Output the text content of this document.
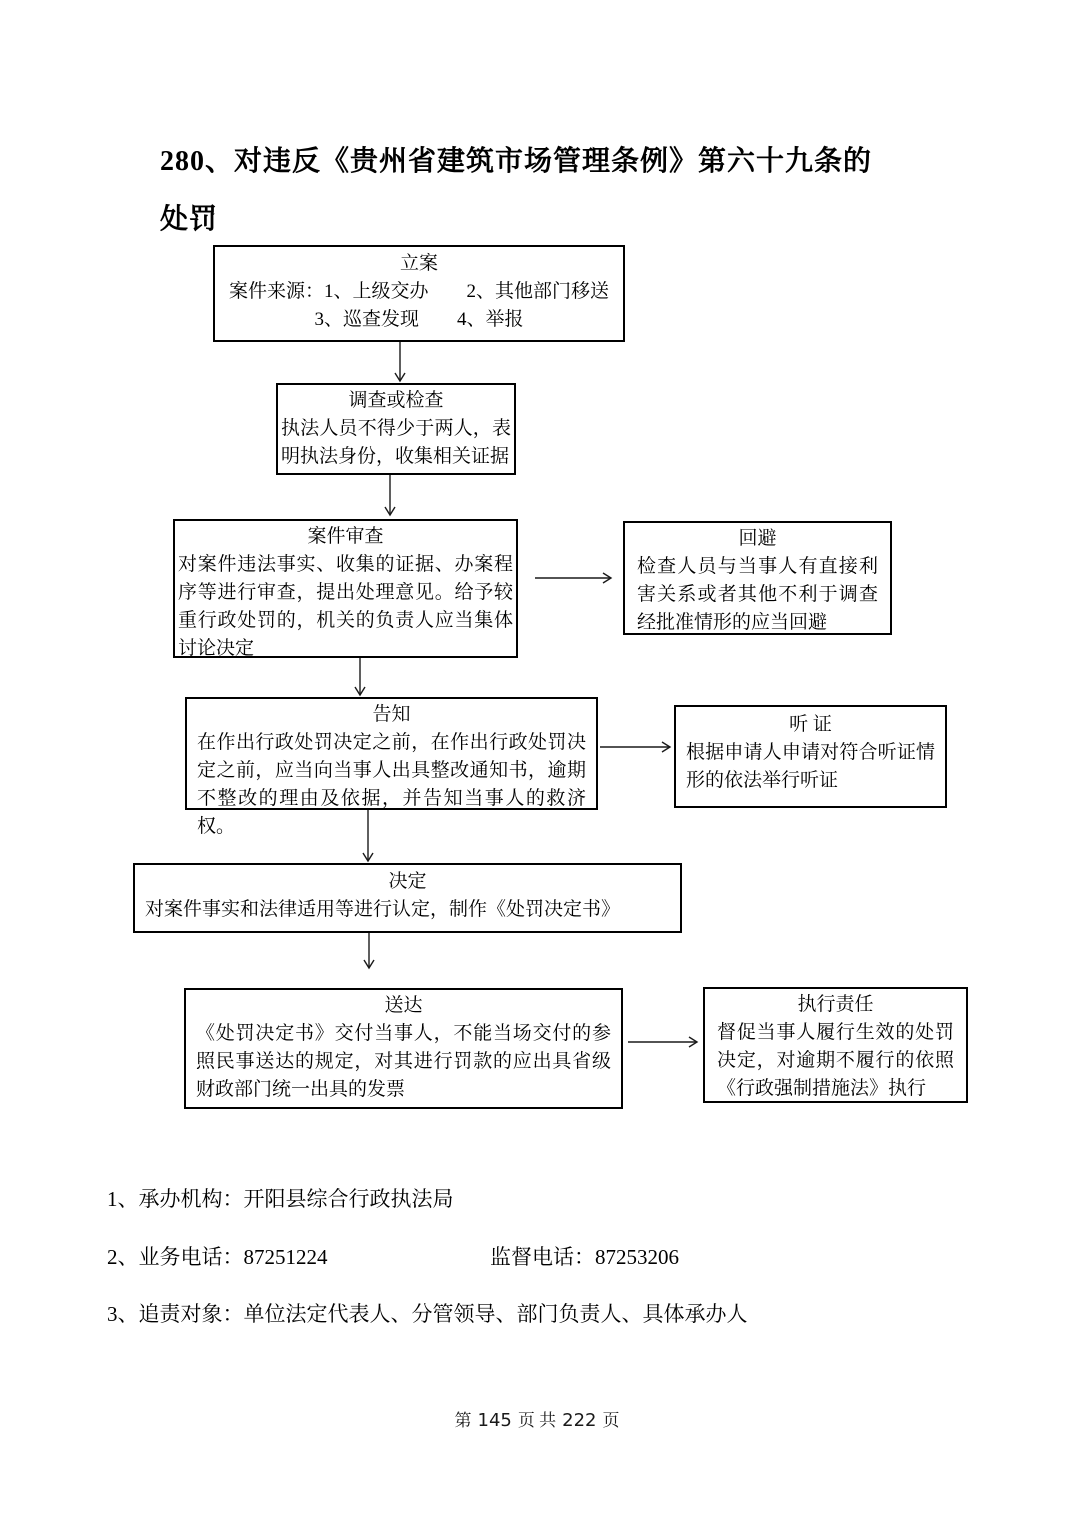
280、对违反《贵州省建筑市场管理条例》第六十九条的处罚
立案
案件来源：1、上级交办　　2、其他部门移送
3、巡查发现　　4、举报
调查或检查
执法人员不得少于两人，表明执法身份，收集相关证据
案件审查
对案件违法事实、收集的证据、办案程序等进行审查，提出处理意见。给予较重行政处罚的，机关的负责人应当集体讨论决定
回避
检查人员与当事人有直接利害关系或者其他不利于调查经批准情形的应当回避
告知
在作出行政处罚决定之前，在作出行政处罚决定之前，应当向当事人出具整改通知书，逾期不整改的理由及依据，并告知当事人的救济权。
听 证
根据申请人申请对符合听证情形的依法举行听证
决定
对案件事实和法律适用等进行认定，制作《处罚决定书》
送达
《处罚决定书》交付当事人，不能当场交付的参照民事送达的规定，对其进行罚款的应出具省级财政部门统一出具的发票
执行责任
督促当事人履行生效的处罚决定，对逾期不履行的依照《行政强制措施法》执行
1、承办机构：开阳县综合行政执法局
2、业务电话：87251224	监督电话：87253206
3、追责对象：单位法定代表人、分管领导、部门负责人、具体承办人
第 145 页 共 222 页
